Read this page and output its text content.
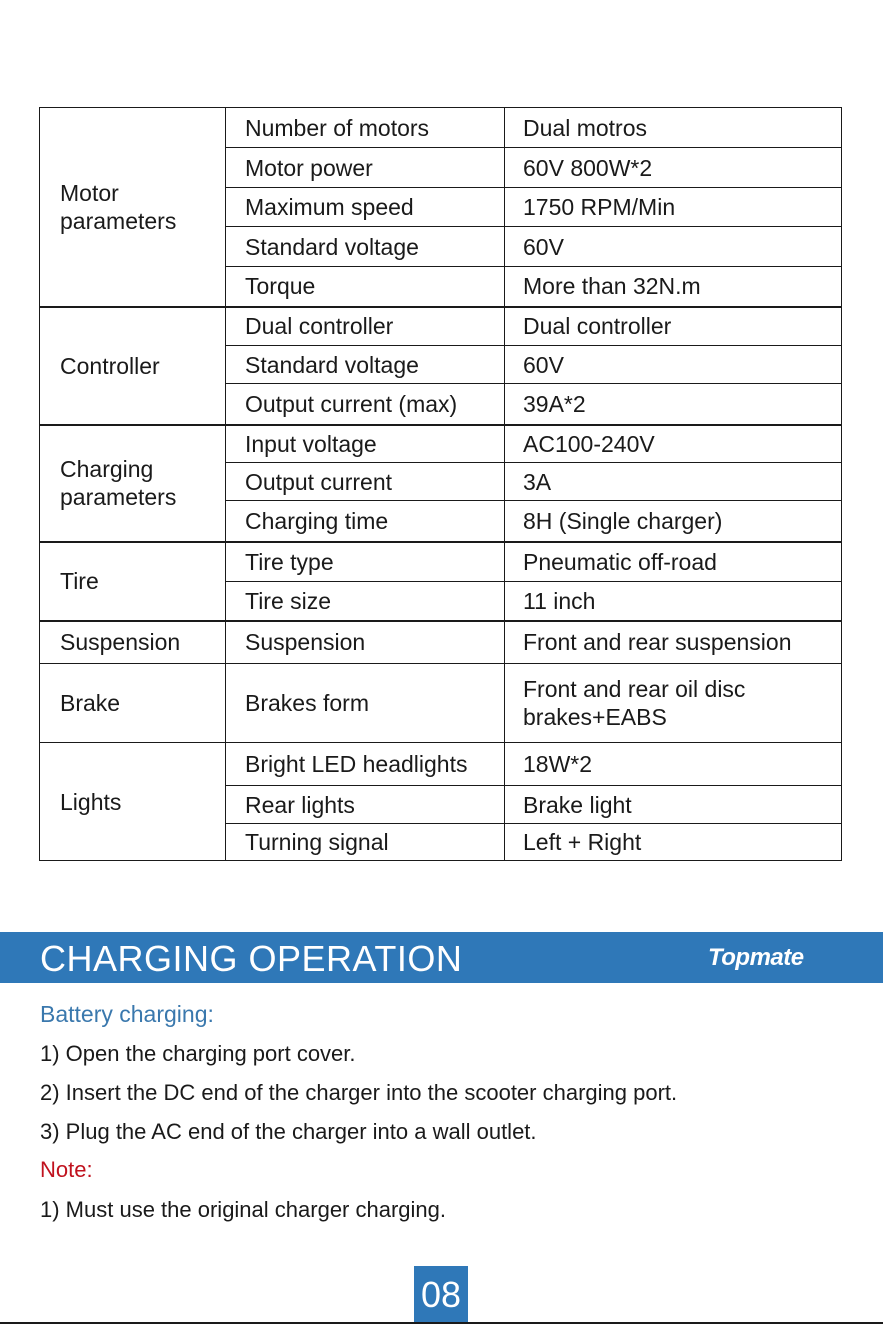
Motor parameters	Number of motors	Dual motros
	Motor power	60V 800W*2
	Maximum speed	1750 RPM/Min
	Standard voltage	60V
	Torque	More than 32N.m
Controller	Dual controller	Dual controller
	Standard voltage	60V
	Output current (max)	39A*2
Charging parameters	Input voltage	AC100-240V
	Output current	3A
	Charging time	8H (Single charger)
Tire	Tire type	Pneumatic off-road
	Tire size	11 inch
Suspension	Suspension	Front and rear suspension
Brake	Brakes form	Front and rear oil disc brakes+EABS
Lights	Bright LED headlights	18W*2
	Rear lights	Brake light
	Turning signal	Left + Right
CHARGING OPERATION	Topmate
Battery charging:
1) Open the charging port cover.
2) Insert the DC end of the charger into the scooter charging port.
3) Plug the AC end of the charger into a wall outlet.
Note:
1) Must use the original charger charging.
08
